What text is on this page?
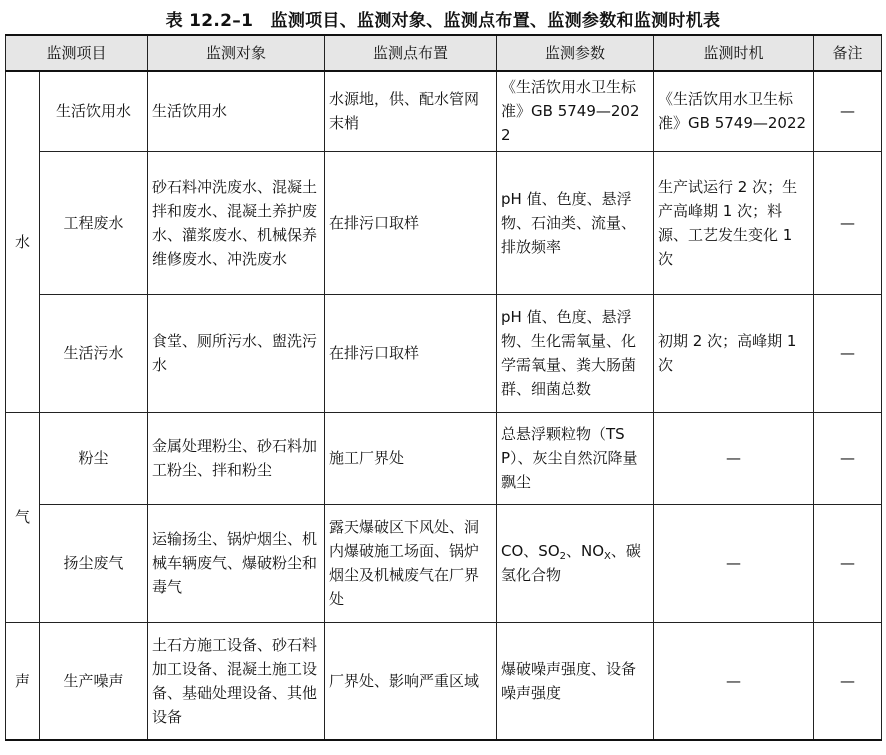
表 12.2–1　监测项目、监测对象、监测点布置、监测参数和监测时机表
监测项目		监测对象	监测点布置	监测参数	监测时机	备注
水	生活饮用水	生活饮用水	水源地，供、配水管网末梢	《生活饮用水卫生标准》GB 5749—2022	《生活饮用水卫生标准》GB 5749—2022	—
	工程废水	砂石料冲洗废水、混凝土拌和废水、混凝土养护废水、灌浆废水、机械保养维修废水、冲洗废水	在排污口取样	pH 值、色度、悬浮物、石油类、流量、排放频率	生产试运行 2 次；生产高峰期 1 次；料源、工艺发生变化 1 次	—
	生活污水	食堂、厕所污水、盥洗污水	在排污口取样	pH 值、色度、悬浮物、生化需氧量、化学需氧量、粪大肠菌群、细菌总数	初期 2 次；高峰期 1 次	—
气	粉尘	金属处理粉尘、砂石料加工粉尘、拌和粉尘	施工厂界处	总悬浮颗粒物（TSP）、灰尘自然沉降量飘尘	—	—
	扬尘废气	运输扬尘、锅炉烟尘、机械车辆废气、爆破粉尘和毒气	露天爆破区下风处、洞内爆破施工场面、锅炉烟尘及机械废气在厂界处	CO、$SO_2$、$NO_X$、碳氢化合物	—	—
声	生产噪声	土石方施工设备、砂石料加工设备、混凝土施工设备、基础处理设备、其他设备	厂界处、影响严重区域	爆破噪声强度、设备噪声强度	—	—
